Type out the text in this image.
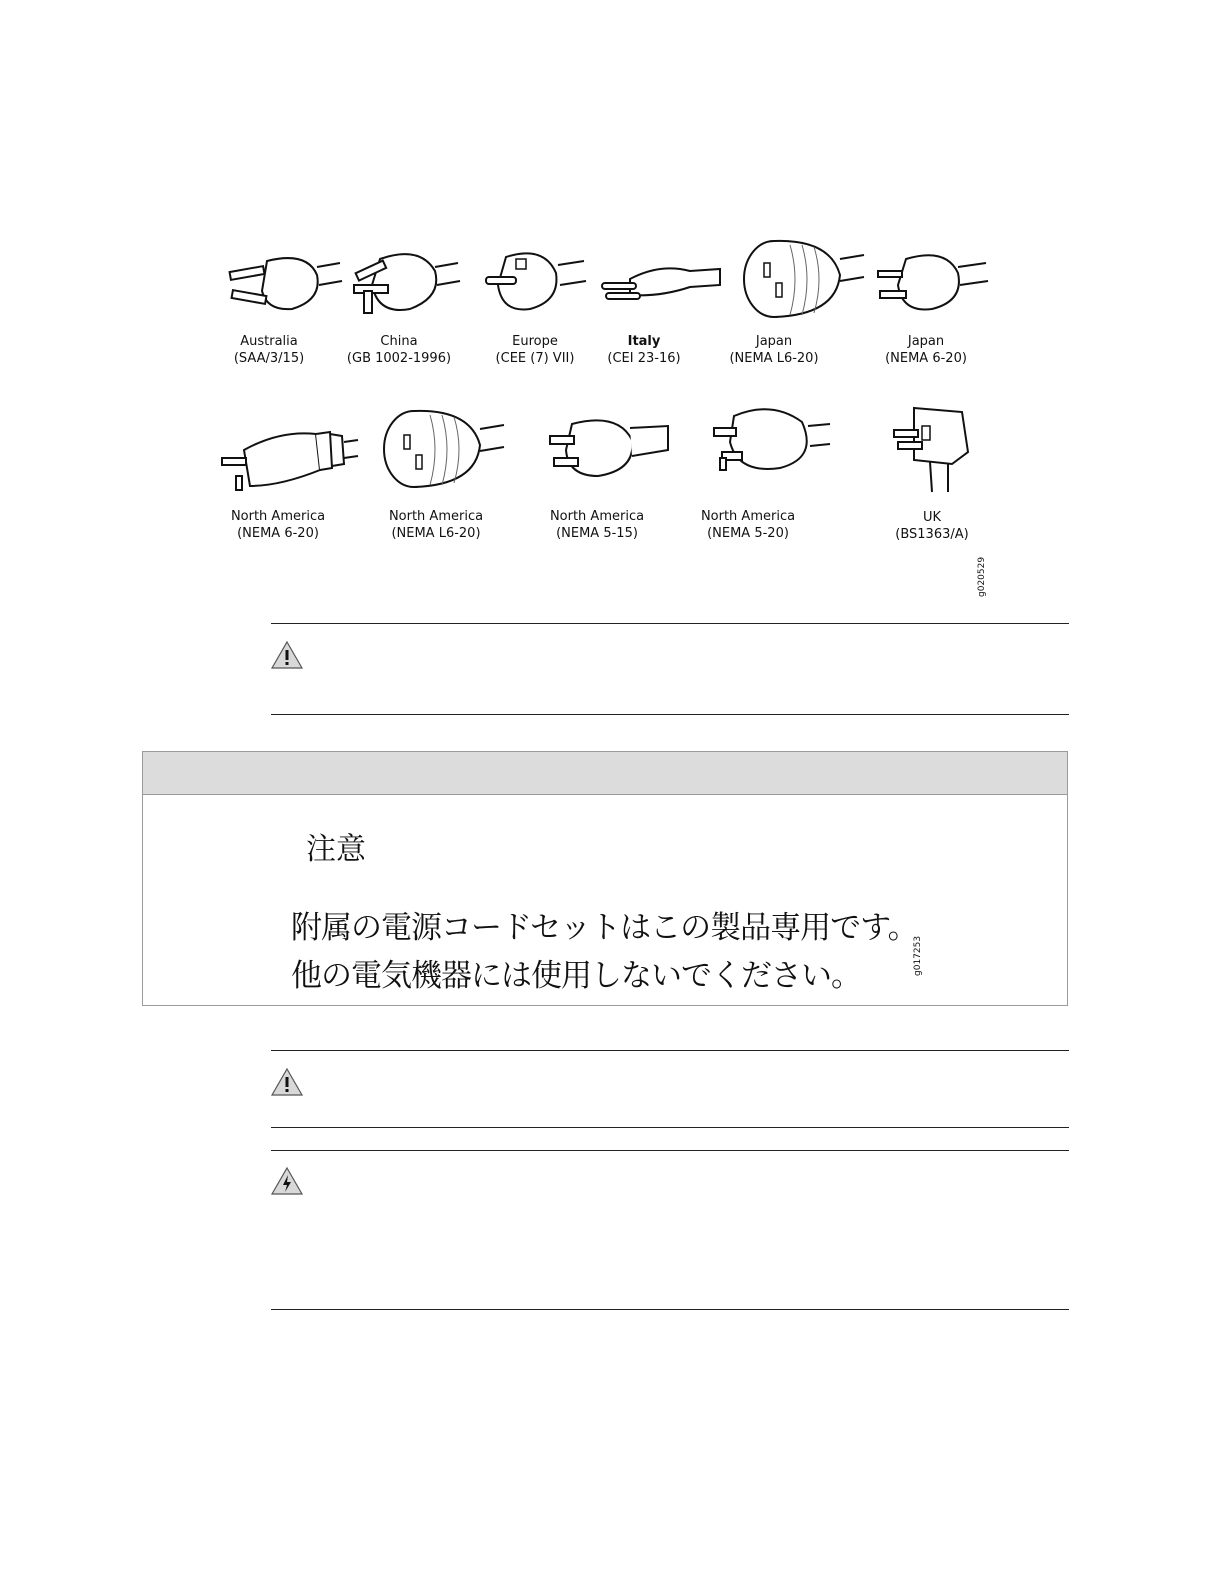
Australia
(SAA/3/15)
China
(GB 1002-1996)
Europe
(CEE (7) VII)
Italy
(CEI 23-16)
Japan
(NEMA L6-20)
Japan
(NEMA 6-20)
North America
(NEMA 6-20)
North America
(NEMA L6-20)
North America
(NEMA 5-15)
North America
(NEMA 5-20)
UK
(BS1363/A)
g020529
注意
附属の電源コードセットはこの製品専用です。
他の電気機器には使用しないでください。	g017253
